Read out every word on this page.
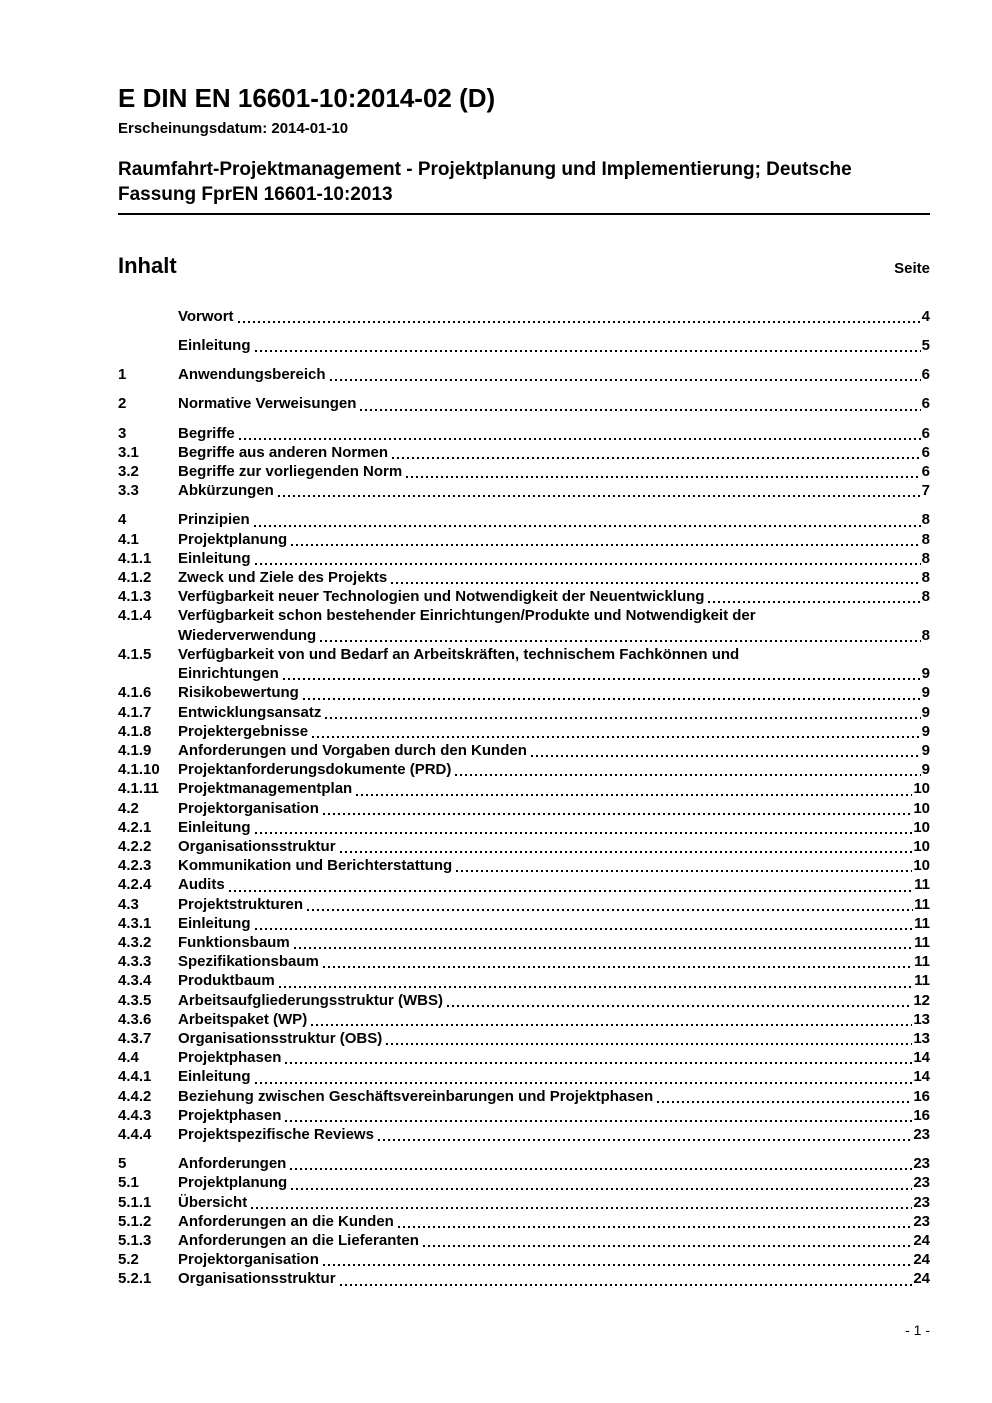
E DIN EN 16601-10:2014-02 (D)
Erscheinungsdatum: 2014-01-10
Raumfahrt-Projektmanagement - Projektplanung und Implementierung; Deutsche
Fassung FprEN 16601-10:2013
Inhalt	Seite
Vorwort	4
Einleitung	5
1	Anwendungsbereich	6
2	Normative Verweisungen	6
3	Begriffe	6
3.1	Begriffe aus anderen Normen	6
3.2	Begriffe zur vorliegenden Norm	6
3.3	Abkürzungen	7
4	Prinzipien	8
4.1	Projektplanung	8
4.1.1	Einleitung	8
4.1.2	Zweck und Ziele des Projekts	8
4.1.3	Verfügbarkeit neuer Technologien und Notwendigkeit der Neuentwicklung	8
4.1.4	Verfügbarkeit schon bestehender Einrichtungen/Produkte und Notwendigkeit der
Wiederverwendung	8
4.1.5	Verfügbarkeit von und Bedarf an Arbeitskräften, technischem Fachkönnen und
Einrichtungen	9
4.1.6	Risikobewertung	9
4.1.7	Entwicklungsansatz	9
4.1.8	Projektergebnisse	9
4.1.9	Anforderungen und Vorgaben durch den Kunden	9
4.1.10	Projektanforderungsdokumente (PRD)	9
4.1.11	Projektmanagementplan	10
4.2	Projektorganisation	10
4.2.1	Einleitung	10
4.2.2	Organisationsstruktur	10
4.2.3	Kommunikation und Berichterstattung	10
4.2.4	Audits	11
4.3	Projektstrukturen	11
4.3.1	Einleitung	11
4.3.2	Funktionsbaum	11
4.3.3	Spezifikationsbaum	11
4.3.4	Produktbaum	11
4.3.5	Arbeitsaufgliederungsstruktur (WBS)	12
4.3.6	Arbeitspaket (WP)	13
4.3.7	Organisationsstruktur (OBS)	13
4.4	Projektphasen	14
4.4.1	Einleitung	14
4.4.2	Beziehung zwischen Geschäftsvereinbarungen und Projektphasen	16
4.4.3	Projektphasen	16
4.4.4	Projektspezifische Reviews	23
5	Anforderungen	23
5.1	Projektplanung	23
5.1.1	Übersicht	23
5.1.2	Anforderungen an die Kunden	23
5.1.3	Anforderungen an die Lieferanten	24
5.2	Projektorganisation	24
5.2.1	Organisationsstruktur	24
- 1 -
